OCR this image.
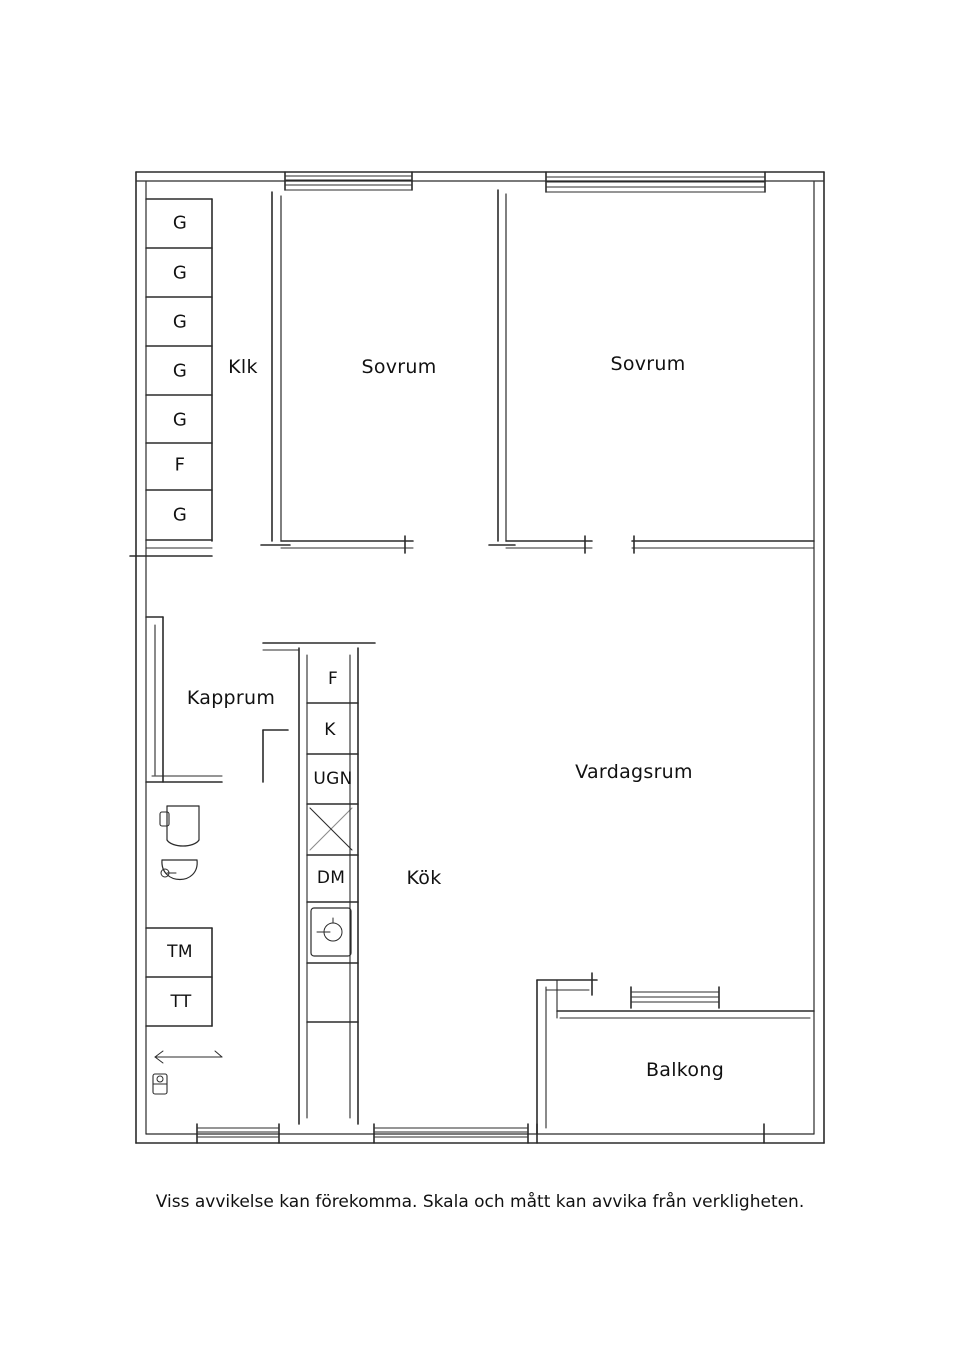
Klk	Sovrum	Sovrum
Kapprum
Vardagsrum
Kök
Balkong
G
G
G
G
G
F
G
F
K
UGN
DM
TM
TT
Viss avvikelse kan förekomma. Skala och mått kan avvika från verkligheten.
